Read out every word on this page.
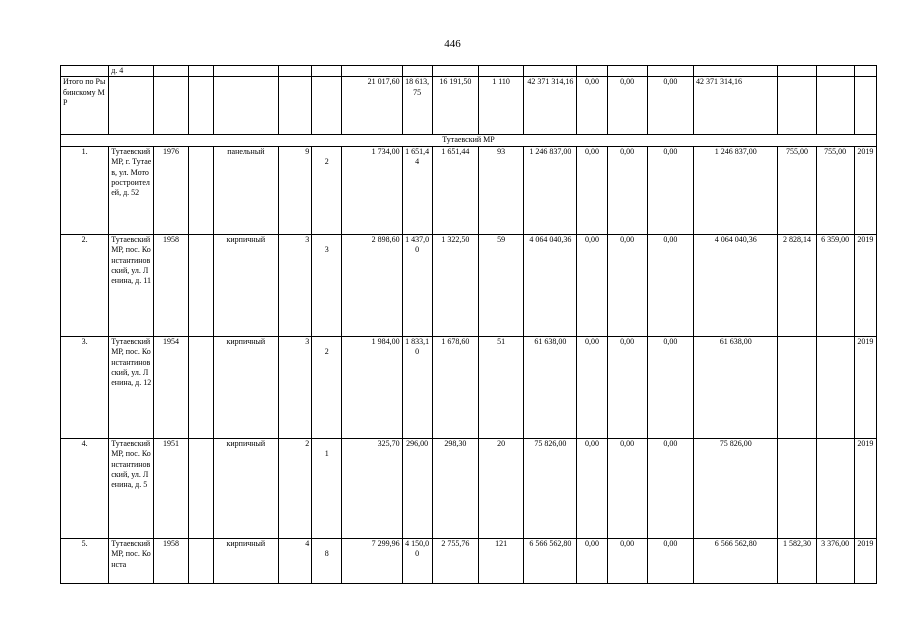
446
	д. 4																	
Итого по Рыбинскому МР							21 017,60	18 613,75	16 191,50	1 110	42 371 314,16	0,00	0,00	0,00	42 371 314,16			
Тутаевский МР																		
1.	Тутаевский МР, г. Тутаев, ул. Моторостроителей, д. 52	1976		панельный	9	2	1 734,00	1 651,44	1 651,44	93	1 246 837,00	0,00	0,00	0,00	1 246 837,00	755,00	755,00	2019
2.	Тутаевский МР, пос. Константиновский, ул. Ленина, д. 11	1958		кирпичный	3	3	2 898,60	1 437,00	1 322,50	59	4 064 040,36	0,00	0,00	0,00	4 064 040,36	2 828,14	6 359,00	2019
3.	Тутаевский МР, пос. Константиновский, ул. Ленина, д. 12	1954		кирпичный	3	2	1 984,00	1 833,10	1 678,60	51	61 638,00	0,00	0,00	0,00	61 638,00			2019
4.	Тутаевский МР, пос. Константиновский, ул. Ленина, д. 5	1951		кирпичный	2	1	325,70	296,00	298,30	20	75 826,00	0,00	0,00	0,00	75 826,00			2019
5.	Тутаевский МР, пос. Конста	1958		кирпичный	4	8	7 299,96	4 150,00	2 755,76	121	6 566 562,80	0,00	0,00	0,00	6 566 562,80	1 582,30	3 376,00	2019
